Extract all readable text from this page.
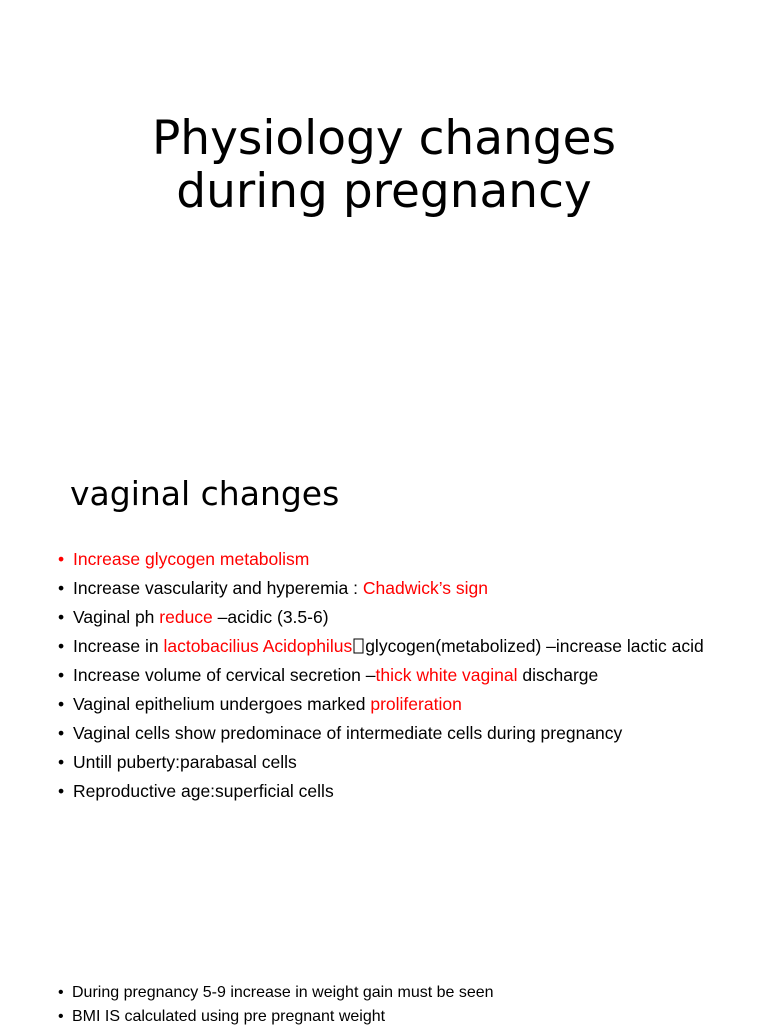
Physiology changes
during pregnancy
vaginal changes
• Increase glycogen metabolism
• Increase vascularity and hyperemia : Chadwick’s sign
• Vaginal ph reduce –acidic (3.5-6)
• Increase in lactobacilius Acidophilus glycogen(metabolized) –increase lactic acid
• Increase volume of cervical secretion –thick white vaginal discharge
• Vaginal epithelium undergoes marked proliferation
• Vaginal cells show predominace of intermediate cells during pregnancy
• Untill puberty:parabasal cells
• Reproductive age:superficial cells
• During pregnancy 5-9 increase in weight gain must be seen
• BMI IS calculated using pre pregnant weight
